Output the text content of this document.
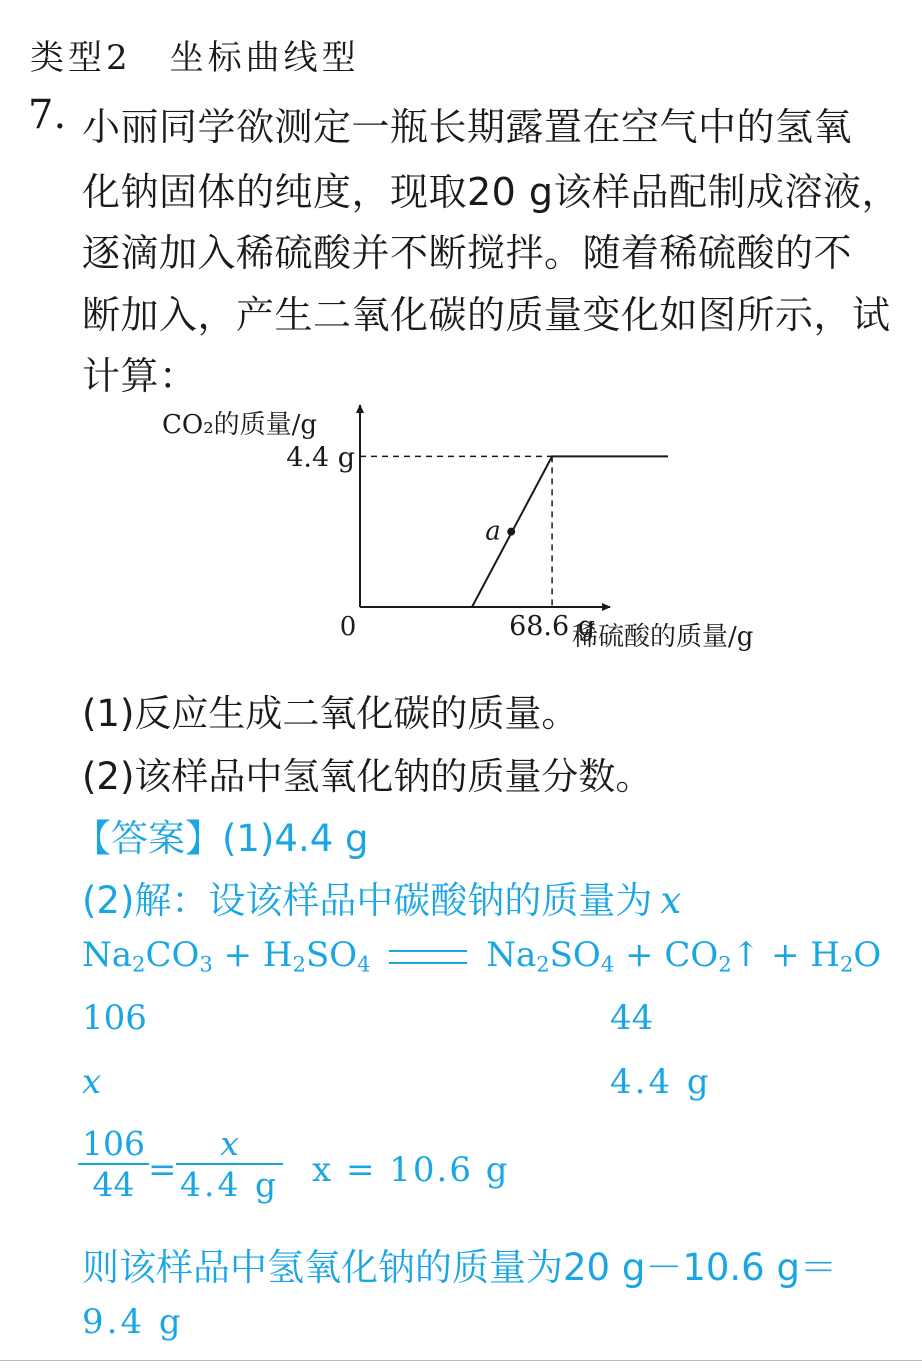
类型2　坐标曲线型
7. 小丽同学欲测定一瓶长期露置在空气中的氢氧
化钠固体的纯度，现取20 g该样品配制成溶液，
逐滴加入稀硫酸并不断搅拌。随着稀硫酸的不
断加入，产生二氧化碳的质量变化如图所示，试
计算：
CO₂的质量/g
0
4.4 g
68.6 g
稀硫酸的质量/g
a
(1)反应生成二氧化碳的质量。
(2)该样品中氢氧化钠的质量分数。
【答案】(1)4.4 g
(2)解：设该样品中碳酸钠的质量为 x
$Na_2CO_3 + H_2SO_4$	$Na_2SO_4$ + $CO_2↑ + H_2O$
106	44
x	4.4 g
$\frac{106}{44} = \frac{x}{4.4 g}$ x = 10.6 g
则该样品中氢氧化钠的质量为20 g－10.6 g＝
9.4 g
